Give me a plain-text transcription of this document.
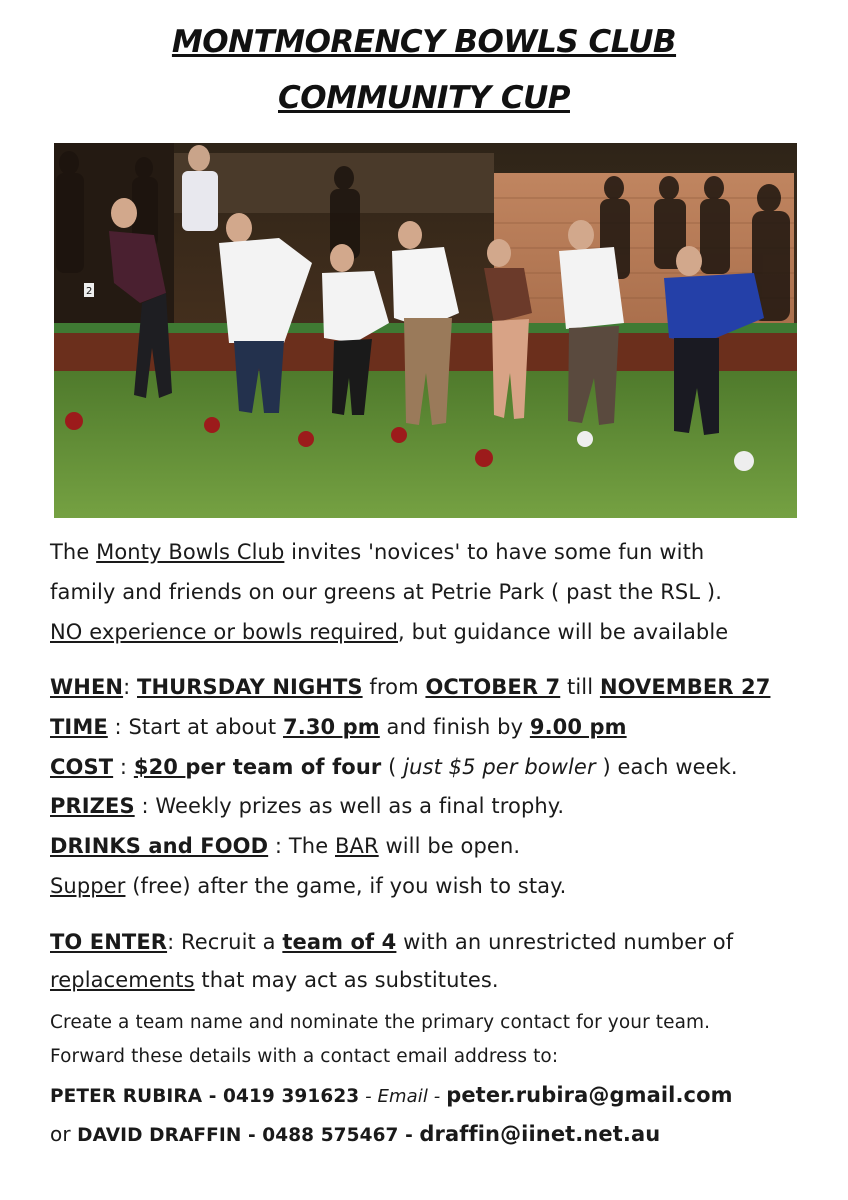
MONTMORENCY BOWLS CLUB
COMMUNITY CUP
2
The Monty Bowls Club invites 'novices' to have some fun with
family and friends on our greens at Petrie Park ( past the RSL ).
NO experience or bowls required, but guidance will be available
WHEN: THURSDAY NIGHTS from OCTOBER 7 till NOVEMBER 27
TIME : Start at about 7.30 pm and finish by 9.00 pm
COST : $20 per team of four ( just $5 per bowler ) each week.
PRIZES : Weekly prizes as well as a final trophy.
DRINKS and FOOD : The BAR will be open.
Supper (free) after the game, if you wish to stay.
TO ENTER: Recruit a team of 4 with an unrestricted number of
replacements that may act as substitutes.
Create a team name and nominate the primary contact for your team.
Forward these details with a contact email address to:
PETER RUBIRA - 0419 391623 - Email - peter.rubira@gmail.com
or DAVID DRAFFIN - 0488 575467 - draffin@iinet.net.au
